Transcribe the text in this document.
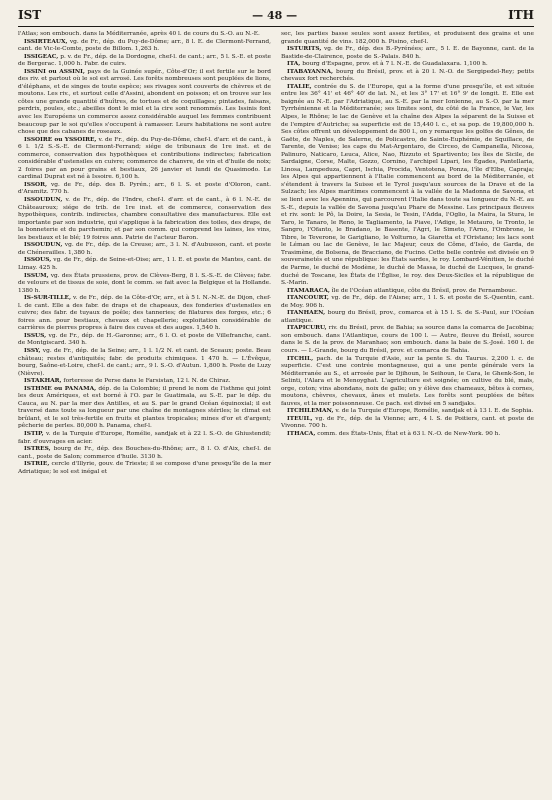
IST	— 48 —	ITH

l'Atlas; son embouch. dans la Méditerranée, après 40 l. de cours du S.-O. au N.-E.

ISSIRTEAUX, vg. de Fr., dép. du Puy-de-Dôme; arr., 8 l. E. de Clermont-Ferrand, cant. de Vic-le-Comte, poste de Billom. 1,263 h.

ISSIGEAC, p. v. de Fr., dép. de la Dordogne, chef-l. de cant.; arr., 5 l. S.-E. et poste de Bergerac. 1,000 h. Fabr. de cuirs.

ISSINI ou ASSINI, pays de la Guinée supér., Côte-d'Or; il est fertile sur le bord des riv. et partout où le sol est arrosé. Les forêts nombreuses sont peuplées de lions, d'éléphans, et de singes de toute espèce; ses rivages sont couverts de chèvres et de moutons. Les riv., et surtout celle d'Assini, abondent en poisson; et on trouve sur les côtes une grande quantité d'huîtres, de tortues et de coquillages; pintades, faisans, perdrix, poules, etc.; abeilles dont le miel et la cire sont renommés. Les Issinis font avec les Européens un commerce assez considérable auquel les femmes contribuent beaucoup par le soi qu'elles s'occupent à ramasser. Leurs habitations ne sont autre chose que des cabanes de roseaux.

ISSOIRE ou YSSOIRE, v. de Fr., dép. du Puy-de-Dôme, chef-l. d'arr. et de cant., à 6 l. 1/2 S.-S.-E. de Clermont-Ferrand; siége de tribunaux de 1re inst. et de commerce, conservation des hypothèques et contributions indirectes; fabrication considérable d'ustensiles en cuivre; commerce de chanvre, de vin et d'huile de noix; 2 foires par an pour grains et bestiaux, 26 janvier et lundi de Quasimodo. Le cardinal Duprat est né à Issoire. 6,100 h.

ISSOR, vg. de Fr., dép. des B. Pyrén.; arr., 6 l. S. et poste d'Oloron, cant. d'Aramitz. 770 h.

ISSOUDUN, v. de Fr., dép. de l'Indre, chef-l. d'arr. et de cant., à 6 l. N.-E. de Châteauroux; siége de trib. de 1re inst. et de commerce, conservation des hypothèques, contrib. indirectes, chambre consultative des manufactures. Elle est importante par son industrie, qui s'applique à la fabrication des toiles, des draps, de la bonneterie et du parchemin; et par son comm. qui comprend les laines, les vins, les bestiaux et le blé; 19 foires ann. Patrie de l'acteur Baron.

ISSOUDUN, vg. de Fr., dép. de la Creuse; arr., 3 l. N. d'Aubusson, cant. et poste de Chénerailles. 1,380 h.

ISSOUS, vg. de Fr., dép. de Seine-et-Oise; arr., 1 l. E. et poste de Mantes, cant. de Limay. 425 h.

ISSUM, vg. des États prussiens, prov. de Clèves-Berg, 8 l. S.-S.-E. de Clèves; fabr. de velours et de tissus de soie, dont le comm. se fait avec la Belgique et la Hollande. 1380 h.

IS-SUR-TILLE, v. de Fr., dép. de la Côte-d'Or, arr., et à 5 l. N.-N.-E. de Dijon, chef-l. de cant. Elle a des fabr. de draps et de chapeaux, des fonderies d'ustensiles en cuivre; des fabr. de tuyaux de poêle; des tanneries; de filatures des forges, etc.; 6 foires ann. pour bestiaux, chevaux et chapellerie; exploitation considérable de carrières de pierres propres à faire des cuves et des auges. 1,540 h.

ISSUS, vg. de Fr., dép. de H.-Garonne; arr., 6 l. O. et poste de Villefranche, cant. de Montgiscard. 340 h.

ISSY, vg. de Fr., dép. de la Seine; arr., 1 l. 1/2 N. et cant. de Sceaux; poste. Beau château; restes d'antiquités; fabr. de produits chimiques. 1 470 h. — L'Évêque, bourg, Saône-et-Loire, chef-l. de cant.; arr., 9 l. S.-O. d'Autun. 1,800 h. Poste de Luzy (Nièvre).

ISTAKHAR, forteresse de Perse dans le Farsistan, 12 l. N. de Chiraz.

ISTHME ou PANAMA, dép. de la Colombie; il prend le nom de l'isthme qui joint les deux Amériques, et est borné à l'O. par le Guatimala, au S.-E. par le dép. du Cauca, au N. par la mer des Antilles, et au S. par le grand Océan équinoxial; il est traversé dans toute sa longueur par une chaîne de montagnes stériles; le climat est brûlant, et le sol très-fertile en fruits et plantes tropicales; mines d'or et d'argent; pêcherie de perles. 80,000 h. Panama, chef-l.

ISTIP, v. de la Turquie d'Europe, Romélie, sandjak et à 22 l. S.-O. de Ghiustendil; fabr. d'ouvrages en acier.

ISTRES, bourg de Fr., dép. des Bouches-du-Rhône; arr., 8 l. O. d'Aix, chef-l. de cant., poste de Salon; commerce d'huile. 3130 h.

ISTRIE, cercle d'Illyrie, gouv. de Trieste; il se compose d'une presqu'île de la mer Adriatique; le sol est inégal et

sec, les parties basse seules sont assez fertiles, et produisent des grains et une grande quantité de vins. 182,000 h. Pisino, chef-l.

ISTURITS, vg. de Fr., dép. des B.-Pyrénées; arr., 5 l. E. de Bayonne, cant. de la Bastide-de-Clairence, poste de S.-Palais. 840 h.

ITA, bourg d'Espagne, prov. et à 7 l. N.-E. de Guadalaxara. 1,100 h.

ITABAYANNA, bourg du Brésil, prov. et à 20 l. N.-O. de Sergipedel-Rey; petits chevaux fort recherchés.

ITALIE, contrée du S. de l'Europe, qui a la forme d'une presqu'île, et est située entre les 36° 41' et 46° 40' de lat. N., et les 3° 17' et 16° 9' de longit. E. Elle est baignée au N.-E. par l'Adriatique, au S.-E. par la mer Ionienne, au S.-O. par la mer Tyrrhénienne et la Méditerranée; ses limites sont, du côté de la France, le Var, les Alpes, le Rhône; le lac de Genève et la chaîne des Alpes la séparent de la Suisse et de l'empire d'Autriche; sa superficie est de 15,440 l. c., et sa pop. de 19,800,000 h. Ses côtes offrent un développement de 800 l., on y remarque les golfes de Gênes, de Gaëte, de Naples, de Salerne, de Policastro, de Sainte-Euphémie, de Squillace, de Tarente, de Venise; les caps du Mat-Argentaro, de Circeo, de Campanella, Nicosa, Palinuro, Naticaro, Leuca, Alice, Nao, Rizzuto et Spartivento; les îles de Sicile, de Sardaigne, Corse, Malte, Gozzo, Cornino, l'archipel Lipari, les Égades, Pantellaria, Linosa, Lampeduza, Capri, Ischia, Procida, Ventotena, Ponza, l'île d'Elbe, Capraja; les Alpes qui appartiennent à l'Italie commencent au bord de la Méditerranée, et s'étendent à travers la Suisse et le Tyrol jusqu'aux sources de la Drave et de la Sulzach; les Alpes maritimes commencent à la vallée de la Madonna de Savona, et se lient avec les Apennins, qui parcourent l'Italie dans toute sa longueur du N.-E. au S.-E., depuis la vallée de Savona jusqu'au Phare de Messine. Les principaux fleuves et riv. sont: le Pô, la Doire, la Sesia, le Tesin, l'Adda, l'Oglio, la Maira, la Stura, le Taro, le Tanaro, le Reno, le Tagliamento, la Piave, l'Adige, le Metauro, le Tronto, le Sangro, l'Ofanto, le Bradano, le Basente, l'Agri, le Simeto, l'Arno, l'Ombrone, le Tibre, le Teverone, le Garigliano, le Volturno, la Giaretta et l'Oristano; les lacs sont le Léman ou lac de Genève, le lac Majeur, ceux de Côme, d'Iséo, de Garda, de Trasimène, de Bolsena, de Bracciano, de Fucino. Cette belle contrée est divisée en 9 souverainetés et une république: les États sardes, le roy. Lombard-Vénitien, le duché de Parme, le duché de Modène, le duché de Massa, le duché de Lucques, le grand-duché de Toscane, les États de l'Église, le roy. des Deux-Siciles et la république de S.-Marin.

ITAMARACA, île de l'Océan atlantique, côte du Brésil, prov. de Fernambouc.

ITANCOURT, vg. de Fr., dép. de l'Aisne; arr., 1 l. S. et poste de S.-Quentin, cant. de Moy. 906 h.

ITANHAEN, bourg du Brésil, prov., comarca et à 15 l. S. de S.-Paul, sur l'Océan atlantique.

ITAPICURU, riv. du Brésil, prov. de Bahia; sa source dans la comarca de Jacobina; son embouch. dans l'Atlantique, cours de 100 l. — Autre, fleuve du Brésil, source dans le S. de la prov. de Maranhao; son embouch. dans la baie de S.-José. 160 l. de cours. — I.-Grande, bourg du Brésil, prov. et comarca de Bahia.

ITCHIL, pach. de la Turquie d'Asie, sur la pente S. du Taurus. 2,200 l. c. de superficie. C'est une contrée montagneuse, qui a une pente générale vers la Méditerranée au S., et arrosée par le Djihoun, le Seihoun, le Cara, le Ghenk-Son, le Selinti, l'Alara et le Menoyghat. L'agriculture est soignée; on cultive du blé, maïs, orge, coton; vins abondans, noix de galle; on y élève des chameaux, bêtes à cornes, moutons, chèvres, chevaux, ânes et mulets. Les forêts sont peuplées de bêtes fauves, et la mer poissonneuse. Ce pach. est divisé en 5 sandjaks.

ITCHILEMAN, v. de la Turquie d'Europe, Romélie, sandjak et à 13 l. E. de Sophia.

ITEUIL, vg. de Fr., dép. de la Vienne; arr., 4 l. S. de Poitiers, cant. et poste de Vivonne. 700 h.

ITHACA, comm. des États-Unis, État et à 63 l. N.-O. de New-York. 90 h.
